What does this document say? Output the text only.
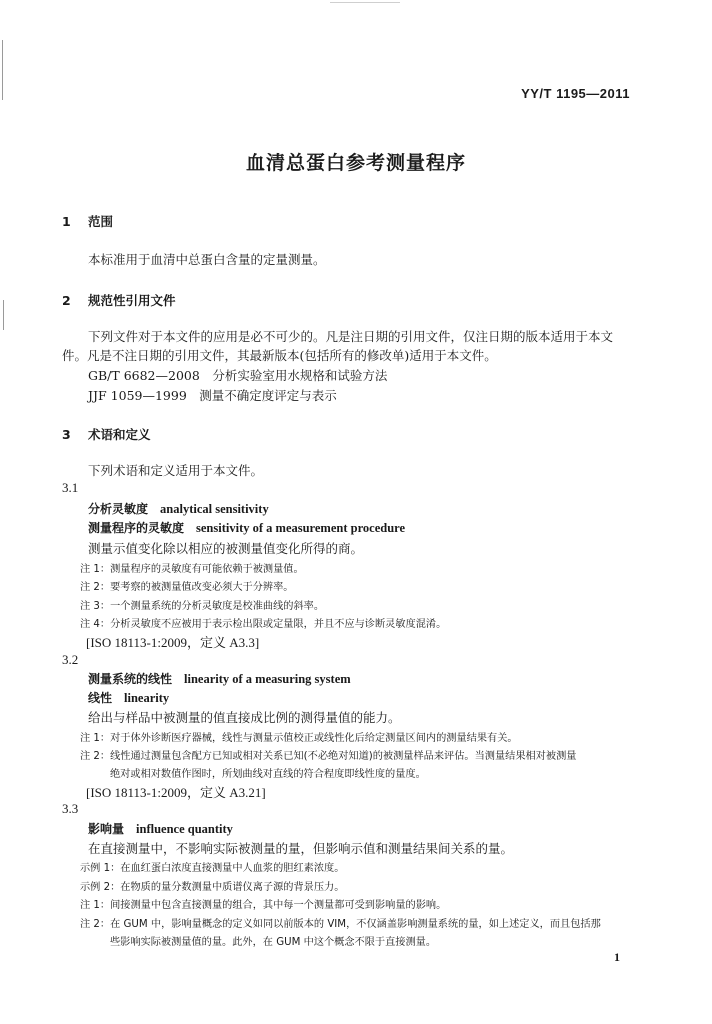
YY/T 1195—2011
血清总蛋白参考测量程序
1 范围
本标准用于血清中总蛋白含量的定量测量。
2 规范性引用文件
下列文件对于本文件的应用是必不可少的。凡是注日期的引用文件，仅注日期的版本适用于本文
件。凡是不注日期的引用文件，其最新版本(包括所有的修改单)适用于本文件。
GB/T 6682—2008　分析实验室用水规格和试验方法
JJF 1059—1999　测量不确定度评定与表示
3 术语和定义
下列术语和定义适用于本文件。
3.1
分析灵敏度 analytical sensitivity
测量程序的灵敏度 sensitivity of a measurement procedure
测量示值变化除以相应的被测量值变化所得的商。
注 1：测量程序的灵敏度有可能依赖于被测量值。
注 2：要考察的被测量值改变必须大于分辨率。
注 3：一个测量系统的分析灵敏度是校准曲线的斜率。
注 4：分析灵敏度不应被用于表示检出限或定量限，并且不应与诊断灵敏度混淆。
[ISO 18113-1:2009，定义 A3.3]
3.2
测量系统的线性 linearity of a measuring system
线性 linearity
给出与样品中被测量的值直接成比例的测得量值的能力。
注 1：对于体外诊断医疗器械，线性与测量示值校正或线性化后给定测量区间内的测量结果有关。
注 2：线性通过测量包含配方已知或相对关系已知(不必绝对知道)的被测量样品来评估。当测量结果相对被测量
绝对或相对数值作图时，所划曲线对直线的符合程度即线性度的量度。
[ISO 18113-1:2009，定义 A3.21]
3.3
影响量 influence quantity
在直接测量中，不影响实际被测量的量，但影响示值和测量结果间关系的量。
示例 1：在血红蛋白浓度直接测量中人血浆的胆红素浓度。
示例 2：在物质的量分数测量中质谱仪离子源的背景压力。
注 1：间接测量中包含直接测量的组合，其中每一个测量都可受到影响量的影响。
注 2：在 GUM 中，影响量概念的定义如同以前版本的 VIM，不仅涵盖影响测量系统的量，如上述定义，而且包括那
些影响实际被测量值的量。此外，在 GUM 中这个概念不限于直接测量。
1
